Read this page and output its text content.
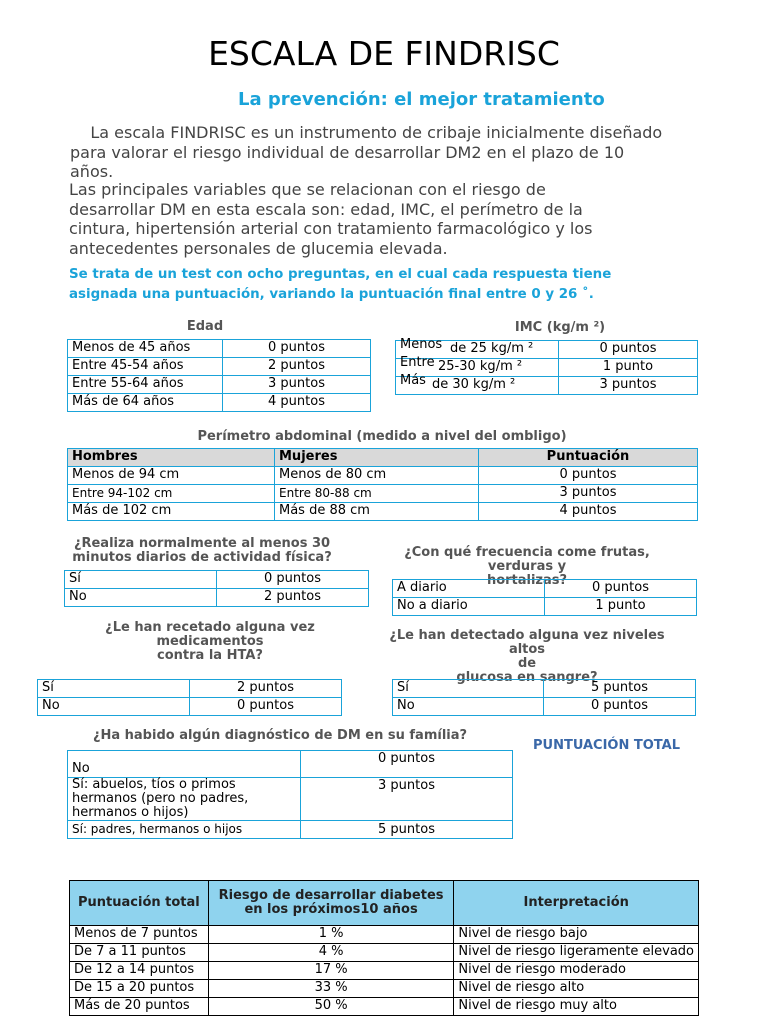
ESCALA DE FINDRISC
La prevención: el mejor tratamiento
La escala FINDRISC es un instrumento de cribaje inicialmente diseñado para valorar el riesgo individual de desarrollar DM2 en el plazo de 10 años.
Las principales variables que se relacionan con el riesgo de desarrollar DM en esta escala son: edad, IMC, el perímetro de la cintura, hipertensión arterial con tratamiento farmacológico y los antecedentes personales de glucemia elevada.
Se trata de un test con ocho preguntas, en el cual cada respuesta tiene asignada una puntuación, variando la puntuación final entre 0 y 26 ˚.
Edad
Menos de 45 años	0 puntos
Entre 45-54 años	2 puntos
Entre 55-64 años	3 puntos
Más de 64 años	4 puntos
IMC (kg/m ²)
Menos de 25 kg/m ²	0 puntos

Entre 25-30 kg/m ²	1 punto

Más de 30 kg/m ²	3 puntos
Perímetro abdominal (medido a nivel del ombligo)
Hombres	Mujeres	Puntuación
Menos de 94 cm	Menos de 80 cm	0 puntos
Entre 94-102 cm	Entre 80-88 cm	3 puntos
Más de 102 cm	Más de 88 cm	4 puntos
¿Realiza normalmente al menos 30
minutos diarios de actividad física?
Sí	0 puntos
No	2 puntos
¿Con qué frecuencia come frutas, verduras y
hortalizas?
A diario	0 puntos
No a diario	1 punto
¿Le han recetado alguna vez
medicamentos
contra la HTA?
Sí	2 puntos
No	0 puntos
¿Le han detectado alguna vez niveles altos
de
glucosa en sangre?
Sí	5 puntos
No	0 puntos
¿Ha habido algún diagnóstico de DM en su família?
No	0 puntos
Sí: abuelos, tíos o primos hermanos (pero no padres, hermanos o hijos)	3 puntos
Sí: padres, hermanos o hijos	5 puntos
PUNTUACIÓN TOTAL
Puntuación total	Riesgo de desarrollar diabetes en los próximos10 años	Interpretación
Menos de 7 puntos	1 %	Nivel de riesgo bajo
De 7 a 11 puntos	4 %	Nivel de riesgo ligeramente elevado
De 12 a 14 puntos	17 %	Nivel de riesgo moderado
De 15 a 20 puntos	33 %	Nivel de riesgo alto
Más de 20 puntos	50 %	Nivel de riesgo muy alto
